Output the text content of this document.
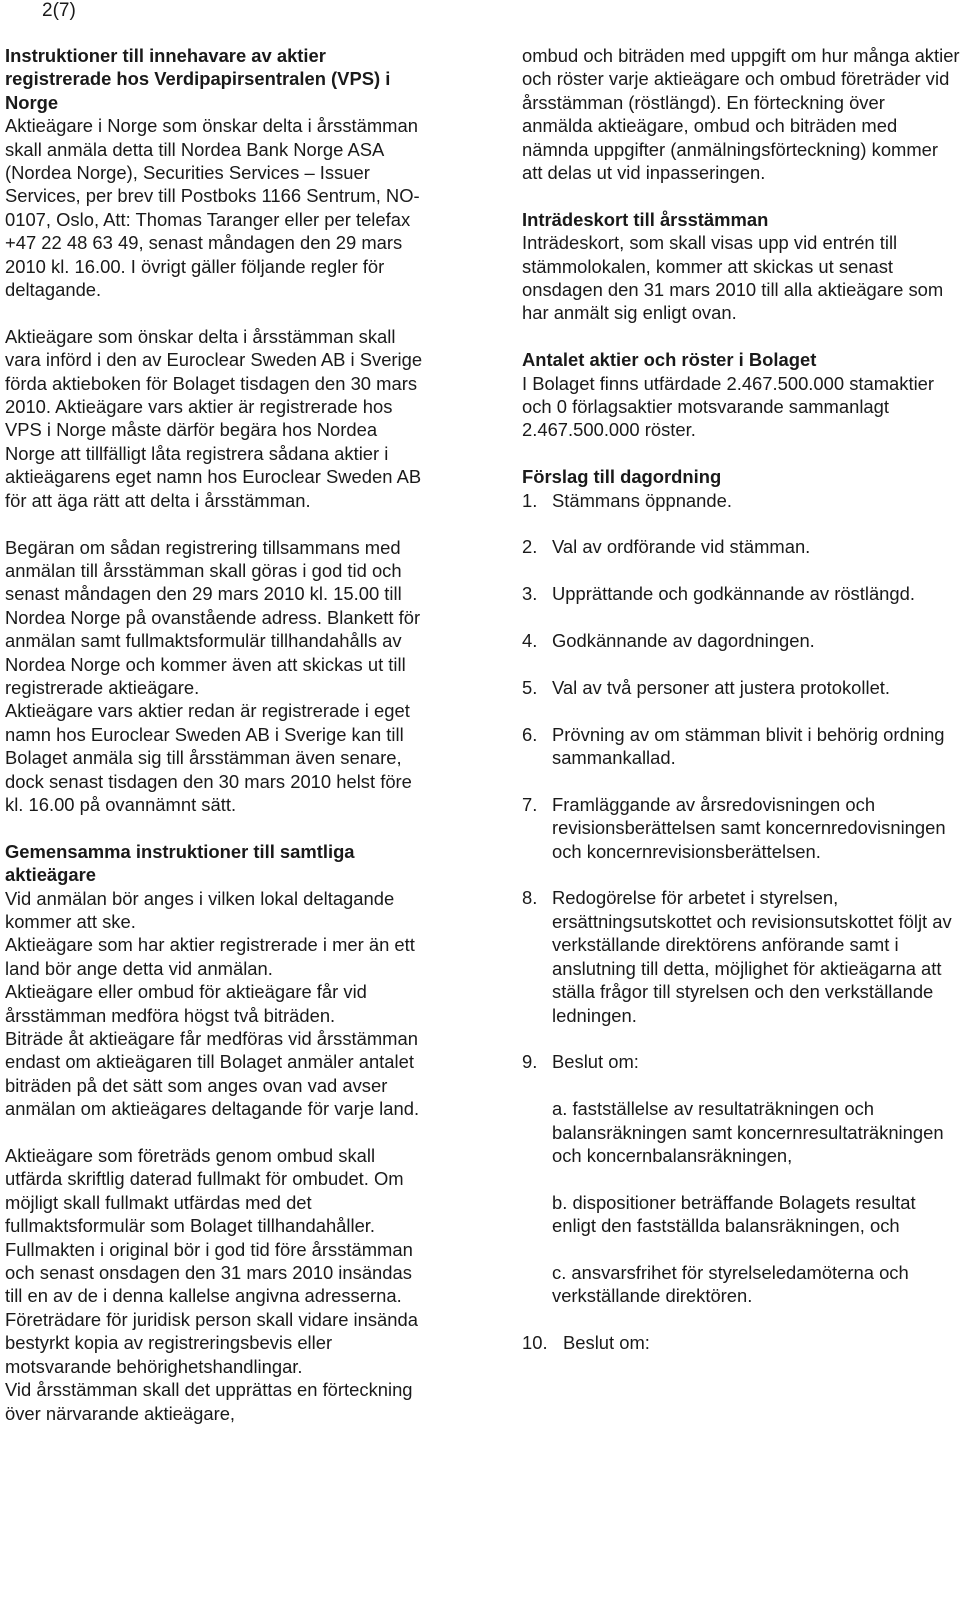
2(7)
Instruktioner till innehavare av aktier registrerade hos Verdipapirsentralen (VPS) i Norge

Aktieägare i Norge som önskar delta i årsstämman skall anmäla detta till Nordea Bank Norge ASA (Nordea Norge), Securities Services – Issuer Services, per brev till Postboks 1166 Sentrum, NO-0107, Oslo, Att: Thomas Taranger eller per telefax +47 22 48 63 49, senast måndagen den 29 mars 2010 kl. 16.00. I övrigt gäller följande regler för deltagande.

Aktieägare som önskar delta i årsstämman skall vara införd i den av Euroclear Sweden AB i Sverige förda aktieboken för Bolaget tisdagen den 30 mars 2010. Aktieägare vars aktier är registrerade hos VPS i Norge måste därför begära hos Nordea Norge att tillfälligt låta registrera sådana aktier i aktieägarens eget namn hos Euroclear Sweden AB för att äga rätt att delta i årsstämman.

Begäran om sådan registrering tillsammans med anmälan till årsstämman skall göras i god tid och senast måndagen den 29 mars 2010 kl. 15.00 till Nordea Norge på ovanstående adress. Blankett för anmälan samt fullmaktsformulär tillhandahålls av Nordea Norge och kommer även att skickas ut till registrerade aktieägare.

Aktieägare vars aktier redan är registrerade i eget namn hos Euroclear Sweden AB i Sverige kan till Bolaget anmäla sig till årsstämman även senare, dock senast tisdagen den 30 mars 2010 helst före kl. 16.00 på ovannämnt sätt.

Gemensamma instruktioner till samtliga aktieägare

Vid anmälan bör anges i vilken lokal deltagande kommer att ske.

Aktieägare som har aktier registrerade i mer än ett land bör ange detta vid anmälan.

Aktieägare eller ombud för aktieägare får vid årsstämman medföra högst två biträden.

Biträde åt aktieägare får medföras vid årsstämman endast om aktieägaren till Bolaget anmäler antalet biträden på det sätt som anges ovan vad avser anmälan om aktieägares deltagande för varje land.

Aktieägare som företräds genom ombud skall utfärda skriftlig daterad fullmakt för ombudet. Om möjligt skall fullmakt utfärdas med det fullmaktsformulär som Bolaget tillhandahåller. Fullmakten i original bör i god tid före årsstämman och senast onsdagen den 31 mars 2010 insändas till en av de i denna kallelse angivna adresserna.

Företrädare för juridisk person skall vidare insända bestyrkt kopia av registreringsbevis eller motsvarande behörighetshandlingar.

Vid årsstämman skall det upprättas en förteckning över närvarande aktieägare,

ombud och biträden med uppgift om hur många aktier och röster varje aktieägare och ombud företräder vid årsstämman (röstlängd). En förteckning över anmälda aktieägare, ombud och biträden med nämnda uppgifter (anmälningsförteckning) kommer att delas ut vid inpasseringen.

Inträdeskort till årsstämman

Inträdeskort, som skall visas upp vid entrén till stämmolokalen, kommer att skickas ut senast onsdagen den 31 mars 2010 till alla aktieägare som har anmält sig enligt ovan.

Antalet aktier och röster i Bolaget

I Bolaget finns utfärdade 2.467.500.000 stamaktier och 0 förlagsaktier motsvarande sammanlagt 2.467.500.000 röster.

Förslag till dagordning
1. Stämmans öppnande.
2. Val av ordförande vid stämman.
3. Upprättande och godkännande av röstlängd.
4. Godkännande av dagordningen.
5. Val av två personer att justera protokollet.
6. Prövning av om stämman blivit i behörig ordning sammankallad.
7. Framläggande av årsredovisningen och revisionsberättelsen samt koncernredovisningen och koncernrevisionsberättelsen.
8. Redogörelse för arbetet i styrelsen, ersättningsutskottet och revisionsutskottet följt av verkställande direktörens anförande samt i anslutning till detta, möjlighet för aktieägarna att ställa frågor till styrelsen och den verkställande ledningen.
9. Beslut om:

a. fastställelse av resultaträkningen och balansräkningen samt koncernresultaträkningen och koncernbalansräkningen,

b. dispositioner beträffande Bolagets resultat enligt den fastställda balansräkningen, och

c. ansvarsfrihet för styrelseledamöterna och verkställande direktören.

10. Beslut om:
